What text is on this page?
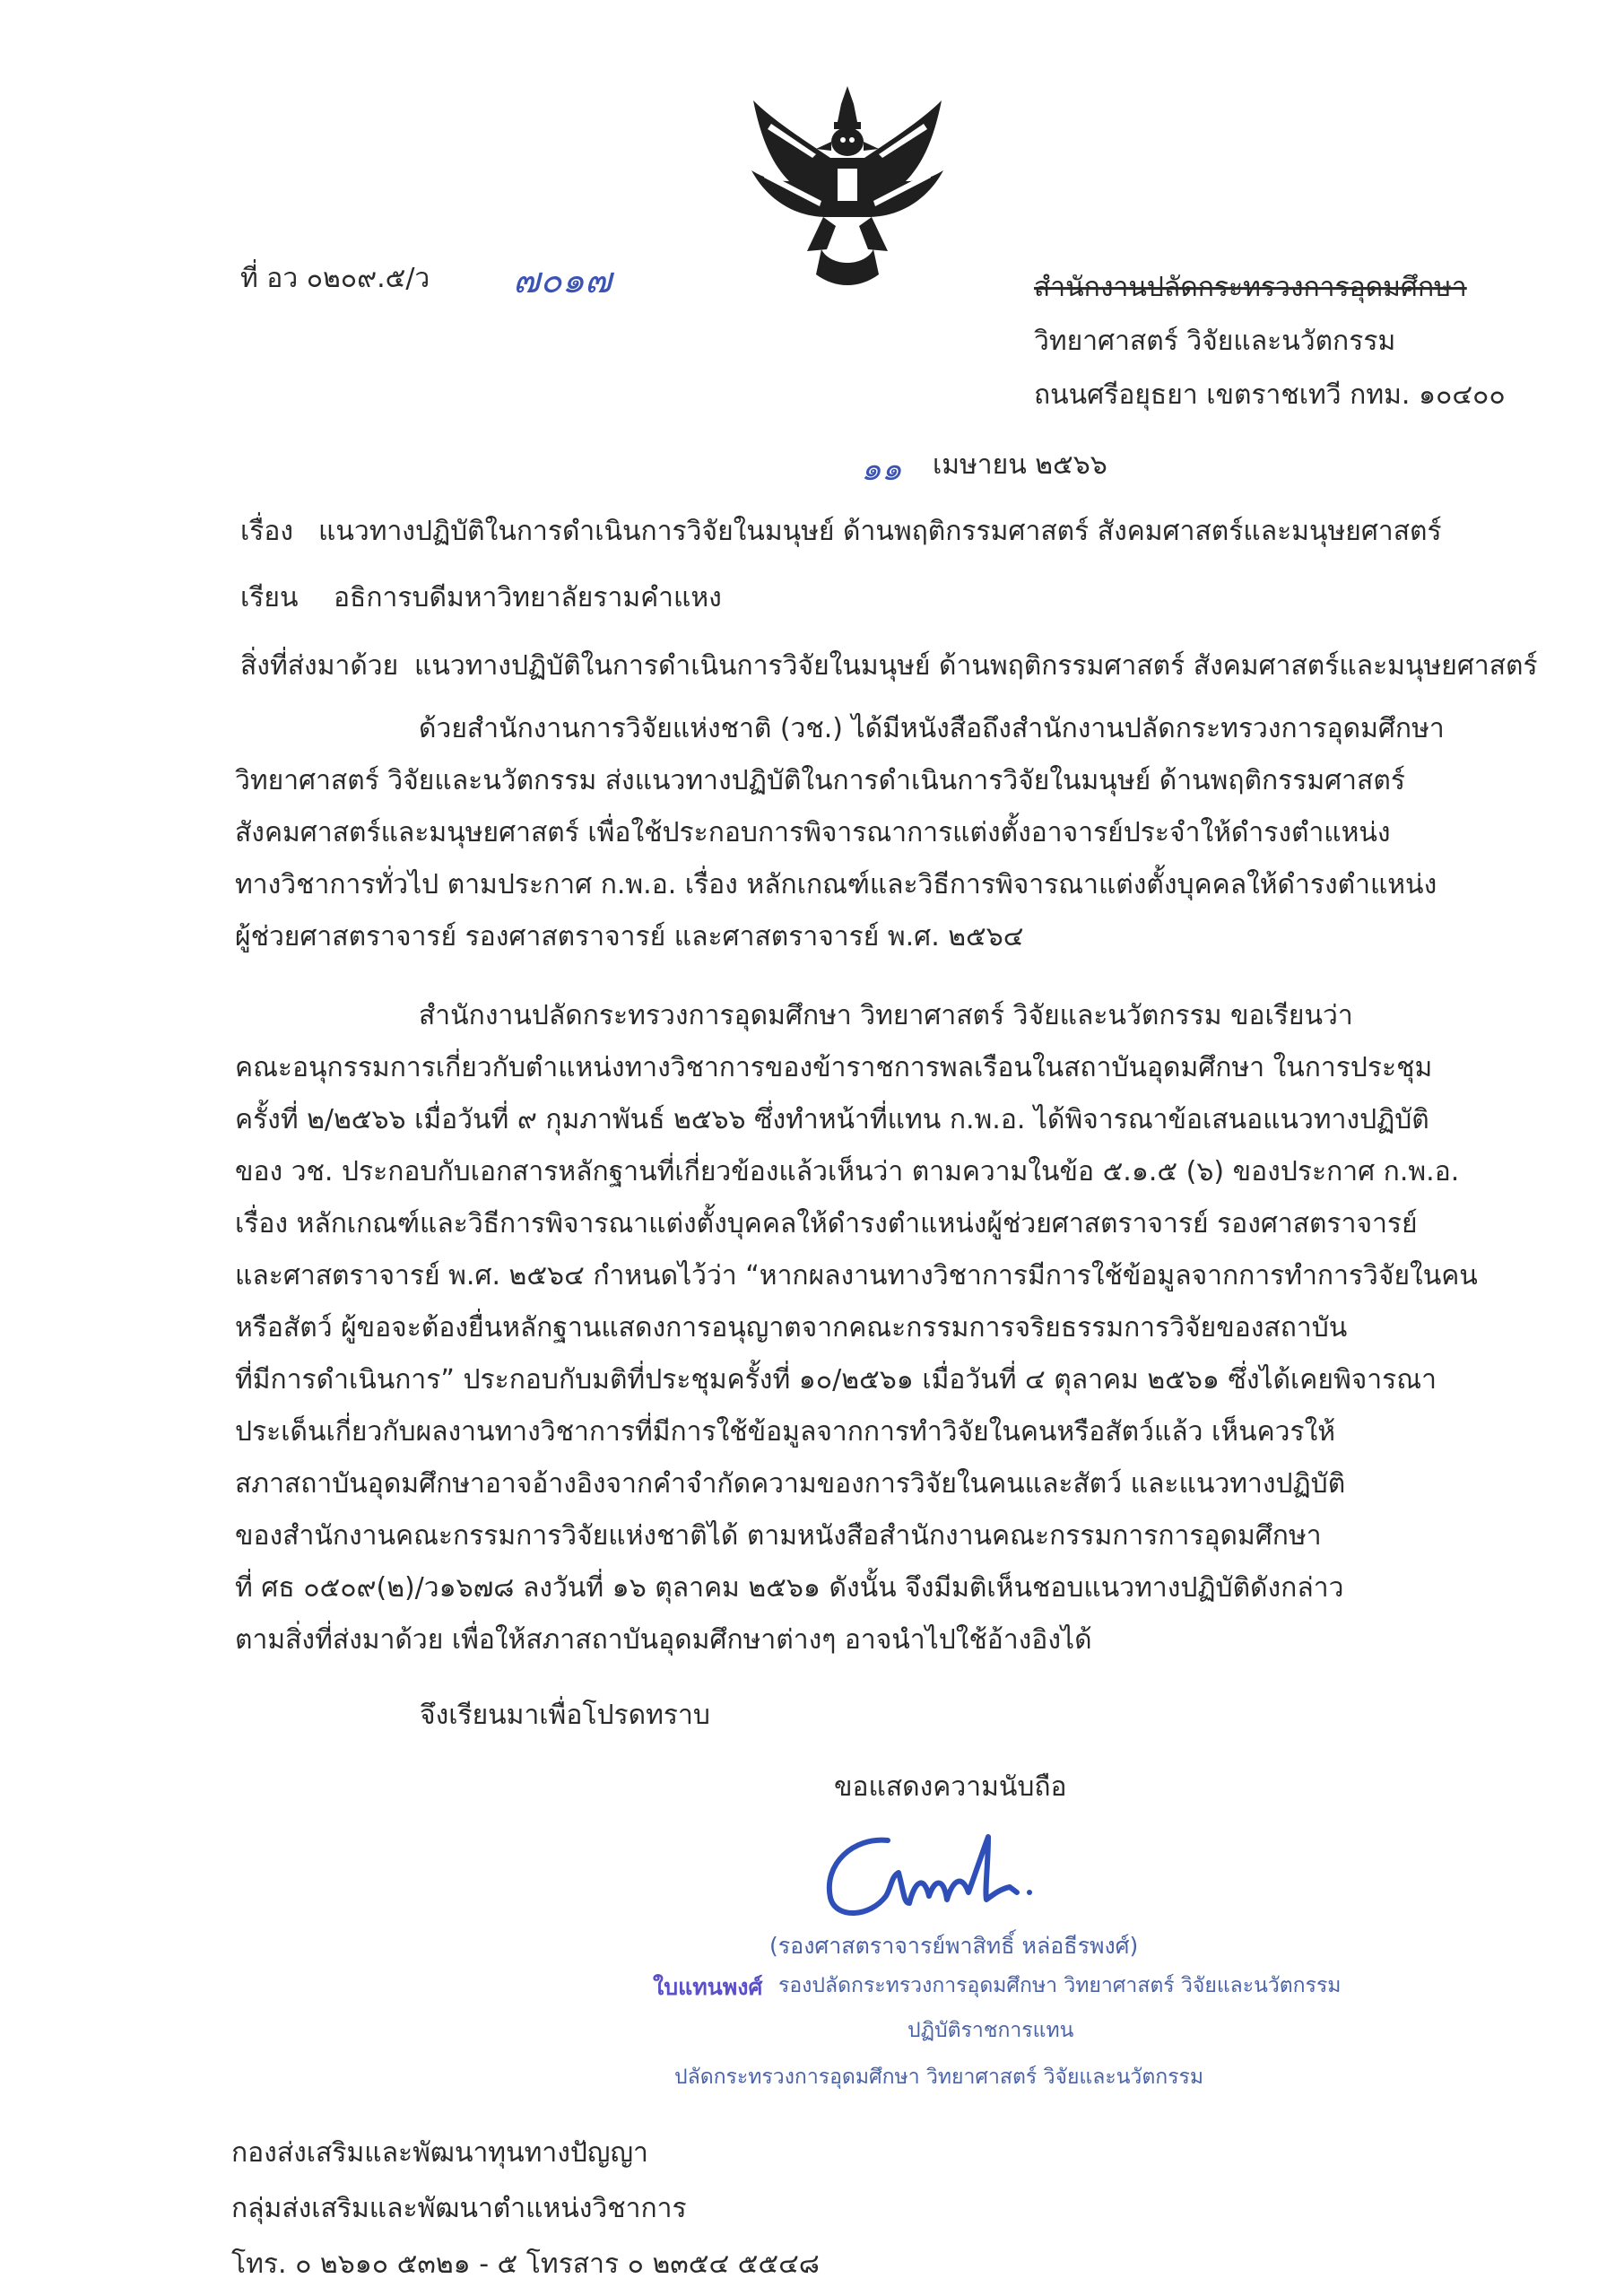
ที่ อว ๐๒๐๙.๕/ว ๗๐๑๗	สำนักงานปลัดกระทรวงการอุดมศึกษา
วิทยาศาสตร์ วิจัยและนวัตกรรม
ถนนศรีอยุธยา เขตราชเทวี กทม. ๑๐๔๐๐
๑๑ เมษายน ๒๕๖๖
เรื่อง แนวทางปฏิบัติในการดำเนินการวิจัยในมนุษย์ ด้านพฤติกรรมศาสตร์ สังคมศาสตร์และมนุษยศาสตร์
เรียน อธิการบดีมหาวิทยาลัยรามคำแหง
สิ่งที่ส่งมาด้วย แนวทางปฏิบัติในการดำเนินการวิจัยในมนุษย์ ด้านพฤติกรรมศาสตร์ สังคมศาสตร์และมนุษยศาสตร์
ด้วยสำนักงานการวิจัยแห่งชาติ (วช.) ได้มีหนังสือถึงสำนักงานปลัดกระทรวงการอุดมศึกษา
วิทยาศาสตร์ วิจัยและนวัตกรรม ส่งแนวทางปฏิบัติในการดำเนินการวิจัยในมนุษย์ ด้านพฤติกรรมศาสตร์
สังคมศาสตร์และมนุษยศาสตร์ เพื่อใช้ประกอบการพิจารณาการแต่งตั้งอาจารย์ประจำให้ดำรงตำแหน่ง
ทางวิชาการทั่วไป ตามประกาศ ก.พ.อ. เรื่อง หลักเกณฑ์และวิธีการพิจารณาแต่งตั้งบุคคลให้ดำรงตำแหน่ง
ผู้ช่วยศาสตราจารย์ รองศาสตราจารย์ และศาสตราจารย์ พ.ศ. ๒๕๖๔
สำนักงานปลัดกระทรวงการอุดมศึกษา วิทยาศาสตร์ วิจัยและนวัตกรรม ขอเรียนว่า
คณะอนุกรรมการเกี่ยวกับตำแหน่งทางวิชาการของข้าราชการพลเรือนในสถาบันอุดมศึกษา ในการประชุม
ครั้งที่ ๒/๒๕๖๖ เมื่อวันที่ ๙ กุมภาพันธ์ ๒๕๖๖ ซึ่งทำหน้าที่แทน ก.พ.อ. ได้พิจารณาข้อเสนอแนวทางปฏิบัติ
ของ วช. ประกอบกับเอกสารหลักฐานที่เกี่ยวข้องแล้วเห็นว่า ตามความในข้อ ๕.๑.๕ (๖) ของประกาศ ก.พ.อ.
เรื่อง หลักเกณฑ์และวิธีการพิจารณาแต่งตั้งบุคคลให้ดำรงตำแหน่งผู้ช่วยศาสตราจารย์ รองศาสตราจารย์
และศาสตราจารย์ พ.ศ. ๒๕๖๔ กำหนดไว้ว่า “หากผลงานทางวิชาการมีการใช้ข้อมูลจากการทำการวิจัยในคน
หรือสัตว์ ผู้ขอจะต้องยื่นหลักฐานแสดงการอนุญาตจากคณะกรรมการจริยธรรมการวิจัยของสถาบัน
ที่มีการดำเนินการ” ประกอบกับมติที่ประชุมครั้งที่ ๑๐/๒๕๖๑ เมื่อวันที่ ๔ ตุลาคม ๒๕๖๑ ซึ่งได้เคยพิจารณา
ประเด็นเกี่ยวกับผลงานทางวิชาการที่มีการใช้ข้อมูลจากการทำวิจัยในคนหรือสัตว์แล้ว เห็นควรให้
สภาสถาบันอุดมศึกษาอาจอ้างอิงจากคำจำกัดความของการวิจัยในคนและสัตว์ และแนวทางปฏิบัติ
ของสำนักงานคณะกรรมการวิจัยแห่งชาติได้ ตามหนังสือสำนักงานคณะกรรมการการอุดมศึกษา
ที่ ศธ ๐๕๐๙(๒)/ว๑๖๗๘ ลงวันที่ ๑๖ ตุลาคม ๒๕๖๑ ดังนั้น จึงมีมติเห็นชอบแนวทางปฏิบัติดังกล่าว
ตามสิ่งที่ส่งมาด้วย เพื่อให้สภาสถาบันอุดมศึกษาต่างๆ อาจนำไปใช้อ้างอิงได้
จึงเรียนมาเพื่อโปรดทราบ
ขอแสดงความนับถือ
(รองศาสตราจารย์พาสิทธิ์ หล่อธีรพงศ์)
ใบแทนพงศ์ รองปลัดกระทรวงการอุดมศึกษา วิทยาศาสตร์ วิจัยและนวัตกรรม
ปฏิบัติราชการแทน
ปลัดกระทรวงการอุดมศึกษา วิทยาศาสตร์ วิจัยและนวัตกรรม
กองส่งเสริมและพัฒนาทุนทางปัญญา
กลุ่มส่งเสริมและพัฒนาตำแหน่งวิชาการ
โทร. ๐ ๒๖๑๐ ๕๓๒๑ - ๕ โทรสาร ๐ ๒๓๕๔ ๕๕๔๘
